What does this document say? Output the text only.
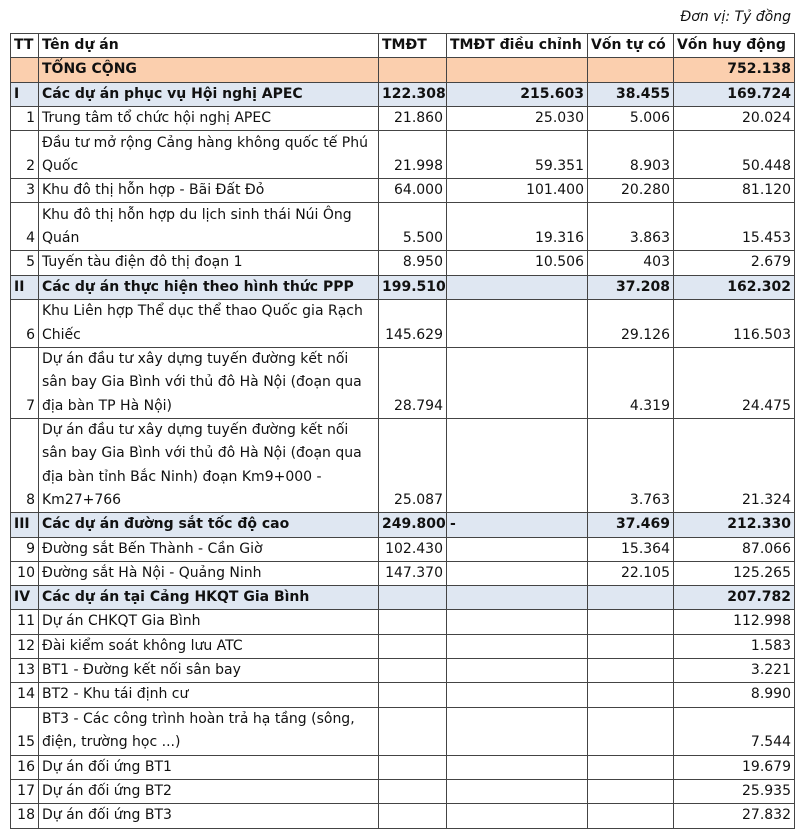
Đơn vị: Tỷ đồng
TT	Tên dự án	TMĐT	TMĐT điều chỉnh	Vốn tự có	Vốn huy động
	TỔNG CỘNG				752.138
I	Các dự án phục vụ Hội nghị APEC	122.308	215.603	38.455	169.724
1	Trung tâm tổ chức hội nghị APEC	21.860	25.030	5.006	20.024
2	Đầu tư mở rộng Cảng hàng không quốc tế Phú Quốc	21.998	59.351	8.903	50.448
3	Khu đô thị hỗn hợp - Bãi Đất Đỏ	64.000	101.400	20.280	81.120
4	Khu đô thị hỗn hợp du lịch sinh thái Núi Ông Quán	5.500	19.316	3.863	15.453
5	Tuyến tàu điện đô thị đoạn 1	8.950	10.506	403	2.679
II	Các dự án thực hiện theo hình thức PPP	199.510		37.208	162.302
6	Khu Liên hợp Thể dục thể thao Quốc gia Rạch Chiếc	145.629		29.126	116.503
7	Dự án đầu tư xây dựng tuyến đường kết nối sân bay Gia Bình với thủ đô Hà Nội (đoạn qua địa bàn TP Hà Nội)	28.794		4.319	24.475
8	Dự án đầu tư xây dựng tuyến đường kết nối sân bay Gia Bình với thủ đô Hà Nội (đoạn qua địa bàn tỉnh Bắc Ninh) đoạn Km9+000 - Km27+766	25.087		3.763	21.324
III	Các dự án đường sắt tốc độ cao	249.800	-	37.469	212.330
9	Đường sắt Bến Thành - Cần Giờ	102.430		15.364	87.066
10	Đường sắt Hà Nội - Quảng Ninh	147.370		22.105	125.265
IV	Các dự án tại Cảng HKQT Gia Bình				207.782
11	Dự án CHKQT Gia Bình				112.998
12	Đài kiểm soát không lưu ATC				1.583
13	BT1 - Đường kết nối sân bay				3.221
14	BT2 - Khu tái định cư				8.990
15	BT3 - Các công trình hoàn trả hạ tầng (sông, điện, trường học ...)				7.544
16	Dự án đối ứng BT1				19.679
17	Dự án đối ứng BT2				25.935
18	Dự án đối ứng BT3				27.832
